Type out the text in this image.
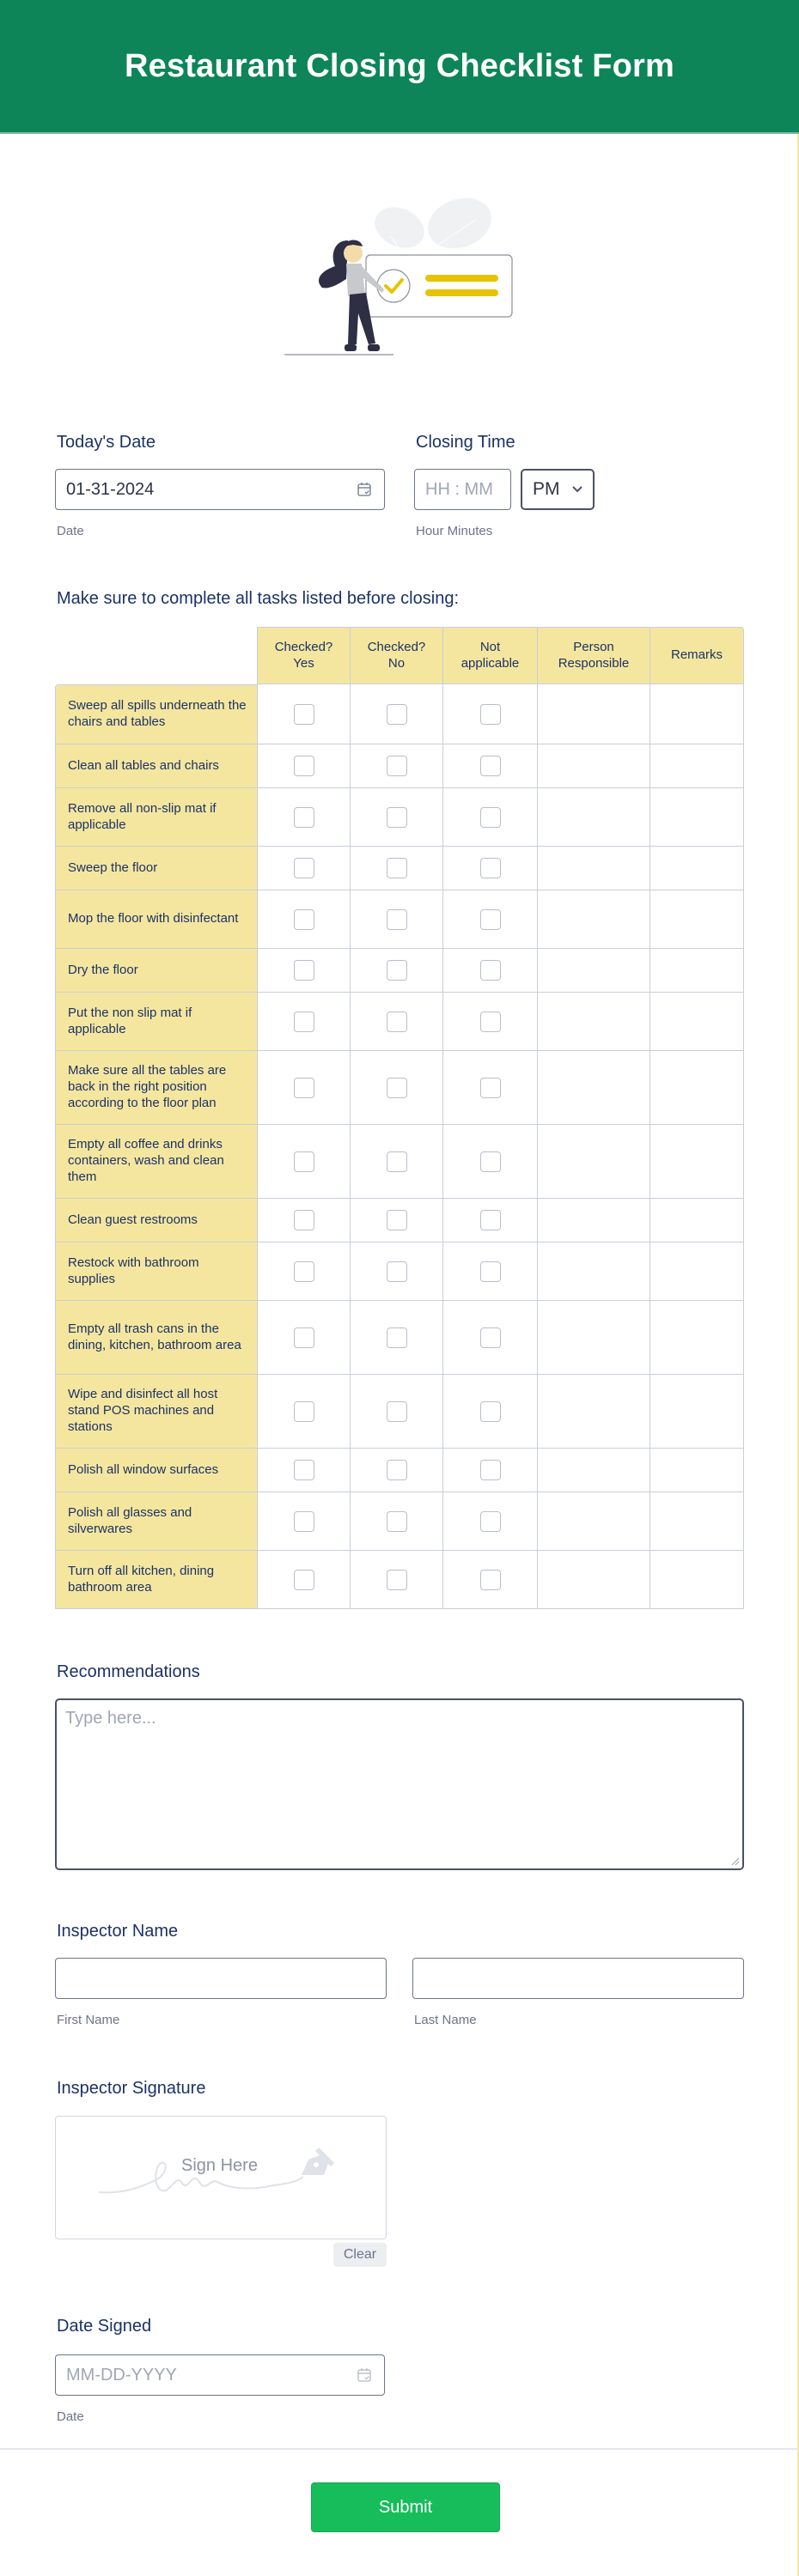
Restaurant Closing Checklist Form
Today's Date
01-31-2024
Date
Closing Time
HH : MM PM
Hour Minutes
Make sure to complete all tasks listed before closing:
Checked?
Yes
Checked?
No
Not
applicable
Person
Responsible
Remarks
Sweep all spills underneath the chairs and tables
Clean all tables and chairs
Remove all non-slip mat if applicable
Sweep the floor
Mop the floor with disinfectant
Dry the floor
Put the non slip mat if applicable
Make sure all the tables are back in the right position according to the floor plan
Empty all coffee and drinks containers, wash and clean them
Clean guest restrooms
Restock with bathroom supplies
Empty all trash cans in the dining, kitchen, bathroom area
Wipe and disinfect all host stand POS machines and stations
Polish all window surfaces
Polish all glasses and silverwares
Turn off all kitchen, dining bathroom area
Recommendations
Type here...
Inspector Name
First Name	Last Name
Inspector Signature
Sign Here
Clear
Date Signed
MM-DD-YYYY
Date
Submit
